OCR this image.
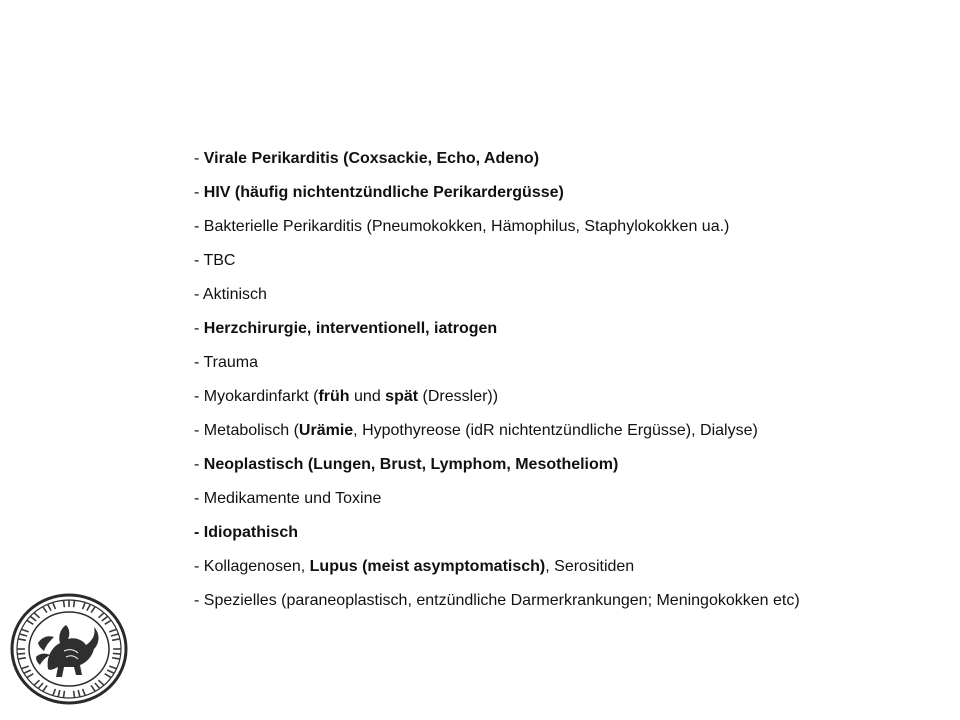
- Virale Perikarditis (Coxsackie, Echo, Adeno)
- HIV (häufig nichtentzündliche Perikardergüsse)
- Bakterielle Perikarditis (Pneumokokken, Hämophilus, Staphylokokken ua.)
- TBC
- Aktinisch
- Herzchirurgie, interventionell, iatrogen
- Trauma
- Myokardinfarkt (früh und spät (Dressler))
- Metabolisch (Urämie, Hypothyreose (idR nichtentzündliche Ergüsse), Dialyse)
- Neoplastisch (Lungen, Brust, Lymphom, Mesotheliom)
- Medikamente und Toxine
- Idiopathisch
- Kollagenosen, Lupus (meist asymptomatisch), Serositiden
- Spezielles (paraneoplastisch, entzündliche Darmerkrankungen; Meningokokken etc)
